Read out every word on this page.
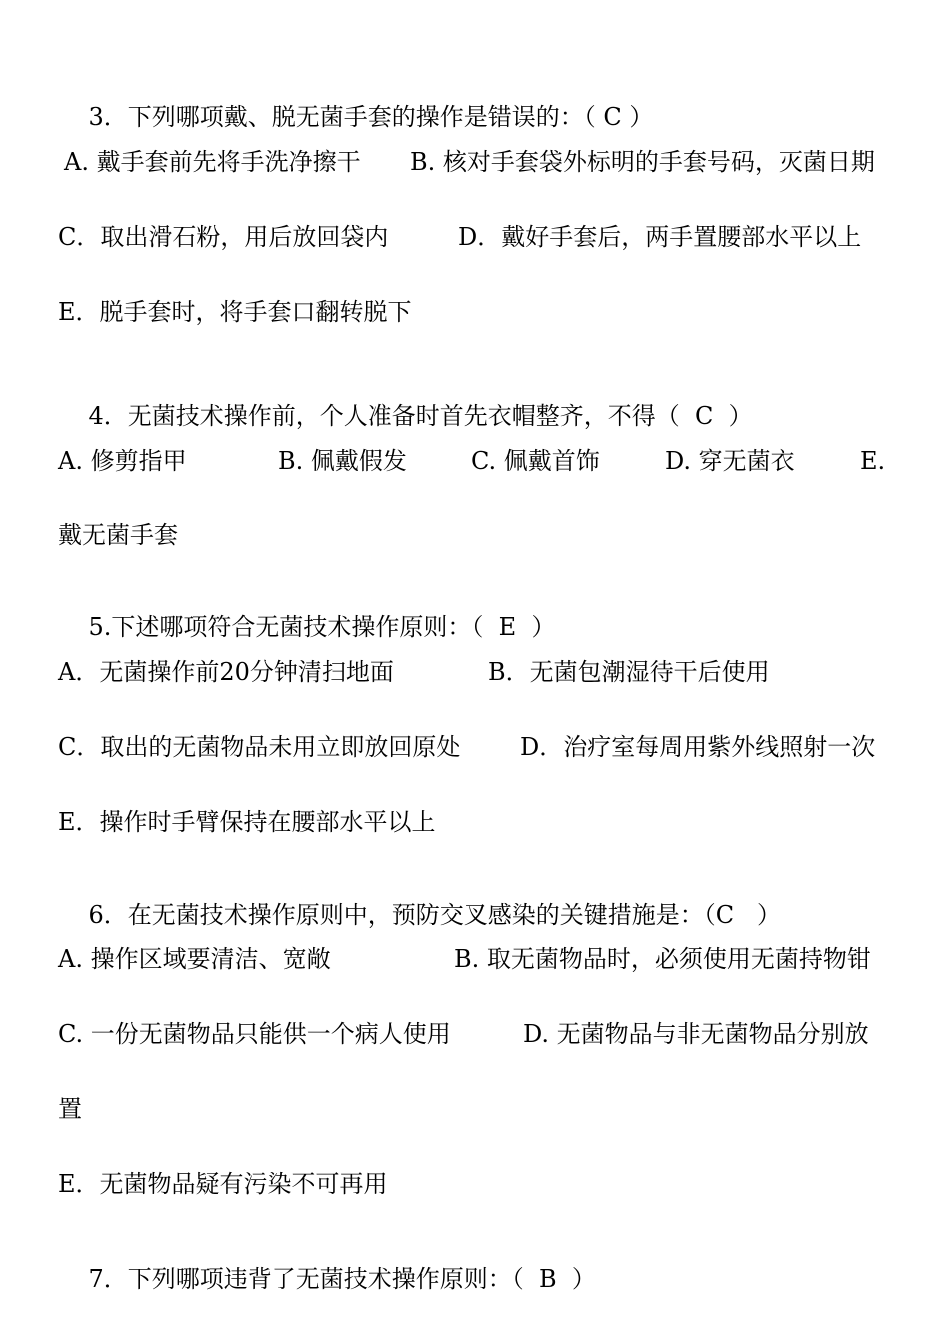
3．下列哪项戴、脱无菌手套的操作是错误的：（ C ）

A. 戴手套前先将手洗净擦干

B. 核对手套袋外标明的手套号码，灭菌日期

C．取出滑石粉，用后放回袋内

	D．戴好手套后，两手置腰部水平以上

E．脱手套时，将手套口翻转脱下

4．无菌技术操作前，个人准备时首先衣帽整齐，不得（  C  ）

A. 修剪指甲

	B. 佩戴假发

	C. 佩戴首饰

	D. 穿无菌衣

	E.

戴无菌手套

5.下述哪项符合无菌技术操作原则：（  E  ）

A．无菌操作前20分钟清扫地面

	B．无菌包潮湿待干后使用

C．取出的无菌物品未用立即放回原处

D．治疗室每周用紫外线照射一次

E．操作时手臂保持在腰部水平以上

6．在无菌技术操作原则中，预防交叉感染的关键措施是：（C   ）

A. 操作区域要清洁、宽敞

	B. 取无菌物品时，必须使用无菌持物钳

C. 一份无菌物品只能供一个病人使用

	D. 无菌物品与非无菌物品分别放

置

E．无菌物品疑有污染不可再用

7．下列哪项违背了无菌技术操作原则：（  B  ）
